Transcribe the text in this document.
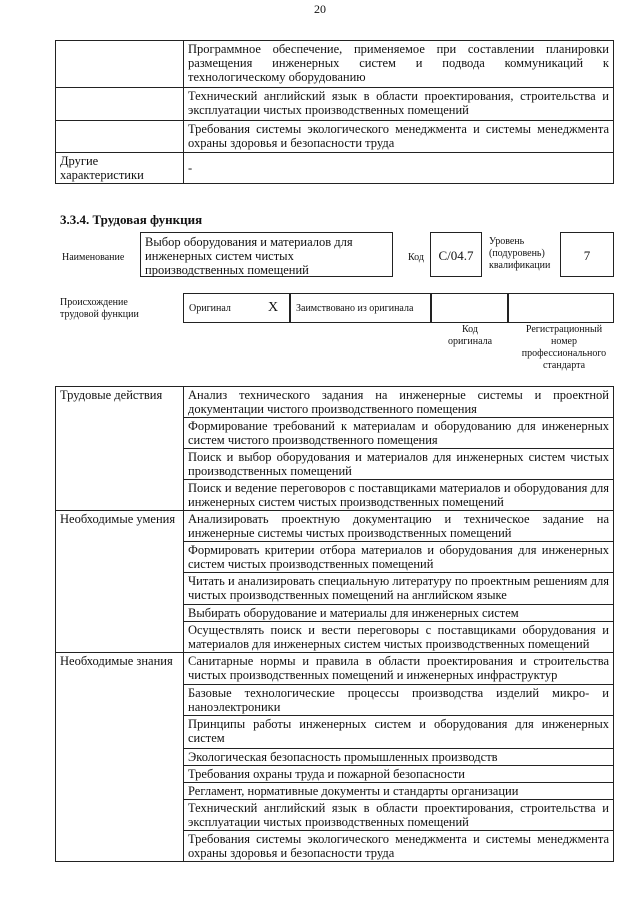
20
	Программное обеспечение, применяемое при составлении планировки размещения инженерных систем и подвода коммуникаций к технологическому оборудованию
	Технический английский язык в области проектирования, строительства и эксплуатации чистых производственных помещений
	Требования системы экологического менеджмента и системы менеджмента охраны здоровья и безопасности труда
Другие характеристики	-
3.3.4. Трудовая функция
Наименование
Выбор оборудования и материалов для инженерных систем чистых производственных помещений
Код	С/04.7
Уровень (подуровень) квалификации
7
Происхождение трудовой функции
Оригинал	X Заимствовано из оригинала
Код оригинала
Регистрационный номер профессионального стандарта
Трудовые действия	Анализ технического задания на инженерные системы и проектной документации чистого производственного помещения
	Формирование требований к материалам и оборудованию для инженерных систем чистого производственного помещения
	Поиск и выбор оборудования и материалов для инженерных систем чистых производственных помещений
	Поиск и ведение переговоров с поставщиками материалов и оборудования для инженерных систем чистых производственных помещений
Необходимые умения	Анализировать проектную документацию и техническое задание на инженерные системы чистых производственных помещений
	Формировать критерии отбора материалов и оборудования для инженерных систем чистых производственных помещений
	Читать и анализировать специальную литературу по проектным решениям для чистых производственных помещений на английском языке
	Выбирать оборудование и материалы для инженерных систем
	Осуществлять поиск и вести переговоры с поставщиками оборудования и материалов для инженерных систем чистых производственных помещений
Необходимые знания	Санитарные нормы и правила в области проектирования и строительства чистых производственных помещений и инженерных инфраструктур
	Базовые технологические процессы производства изделий микро- и наноэлектроники
	Принципы работы инженерных систем и оборудования для инженерных систем
	Экологическая безопасность промышленных производств
	Требования охраны труда и пожарной безопасности
	Регламент, нормативные документы и стандарты организации
	Технический английский язык в области проектирования, строительства и эксплуатации чистых производственных помещений
	Требования системы экологического менеджмента и системы менеджмента охраны здоровья и безопасности труда
